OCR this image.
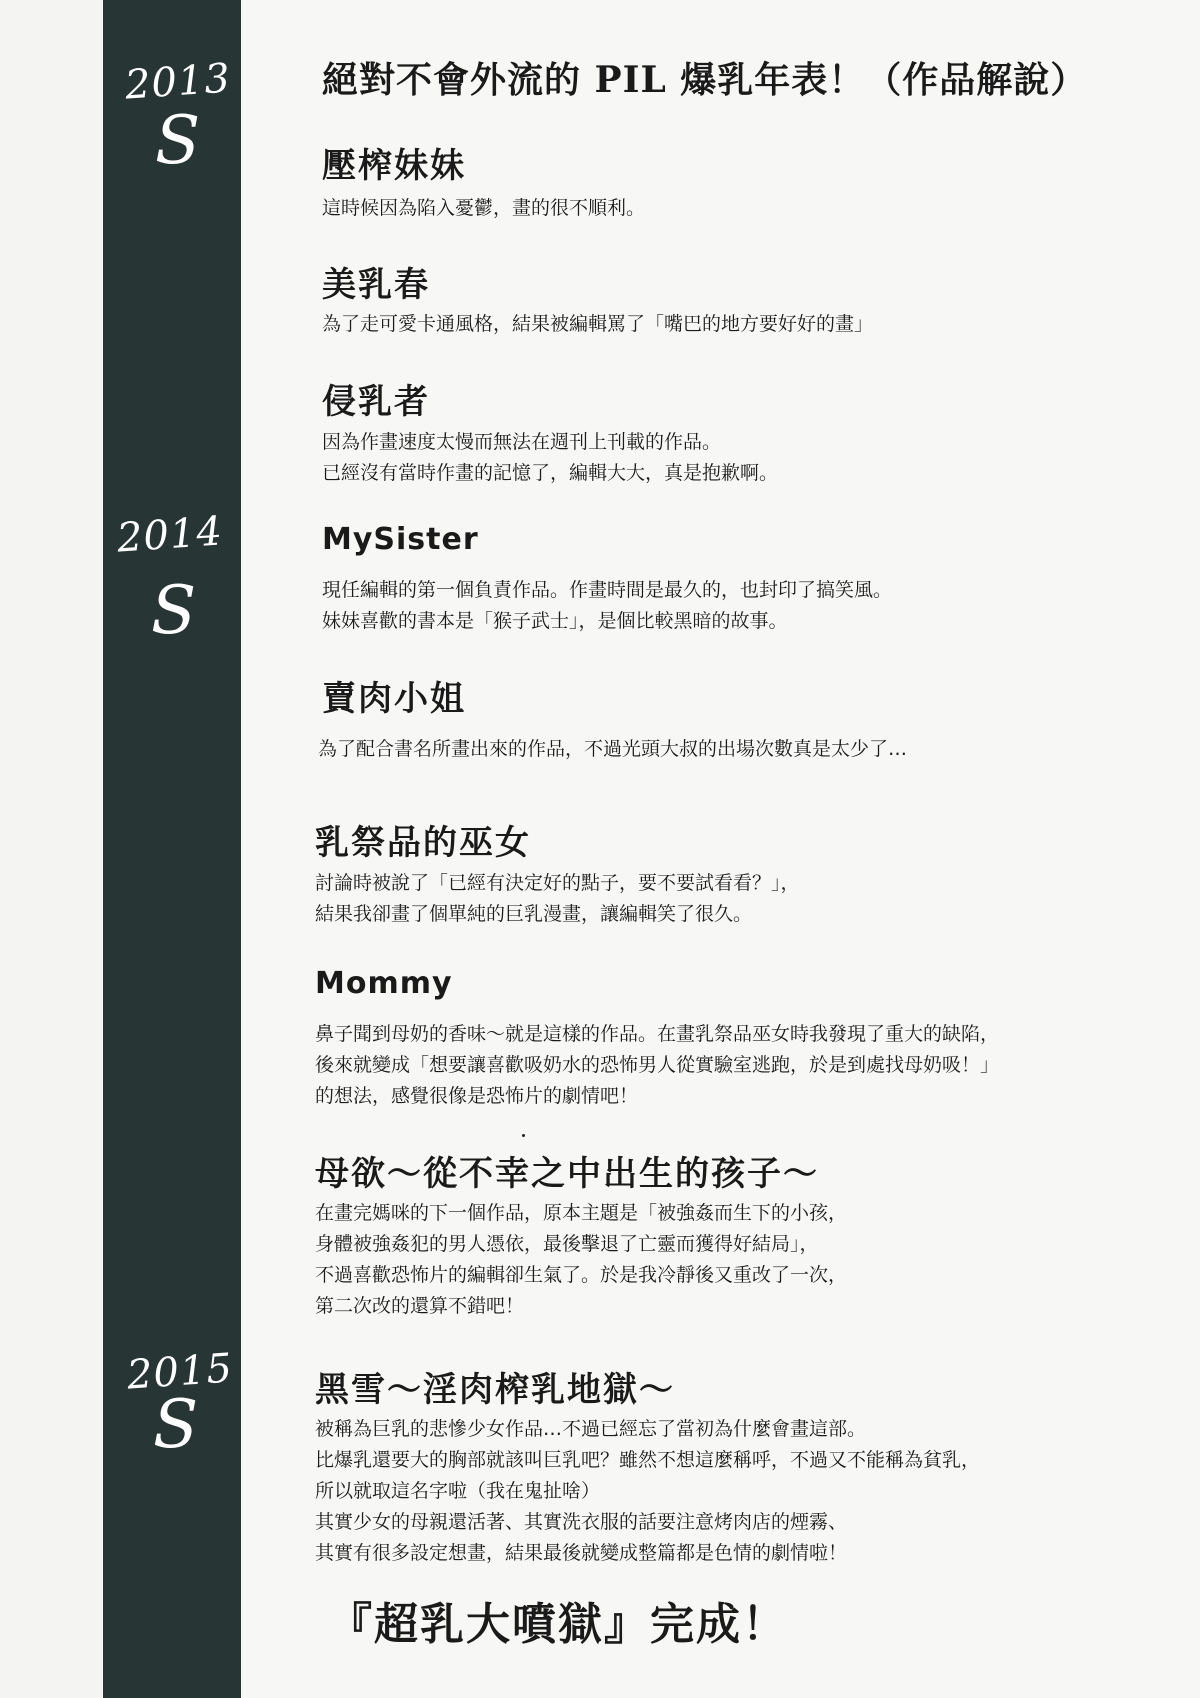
2013
S
2014
S
2015
S
絕對不會外流的 PIL 爆乳年表！（作品解說）
壓榨妹妹
這時候因為陷入憂鬱，畫的很不順利。
美乳春
為了走可愛卡通風格，結果被編輯罵了「嘴巴的地方要好好的畫」
侵乳者
因為作畫速度太慢而無法在週刊上刊載的作品。
已經沒有當時作畫的記憶了，編輯大大，真是抱歉啊。
MySister
現任編輯的第一個負責作品。作畫時間是最久的，也封印了搞笑風。
妹妹喜歡的書本是「猴子武士」，是個比較黑暗的故事。
賣肉小姐
為了配合書名所畫出來的作品，不過光頭大叔的出場次數真是太少了…
乳祭品的巫女
討論時被說了「已經有決定好的點子，要不要試看看？」，
結果我卻畫了個單純的巨乳漫畫，讓編輯笑了很久。
Mommy
鼻子聞到母奶的香味～就是這樣的作品。在畫乳祭品巫女時我發現了重大的缺陷，
後來就變成「想要讓喜歡吸奶水的恐怖男人從實驗室逃跑，於是到處找母奶吸！」
的想法，感覺很像是恐怖片的劇情吧！
母欲～從不幸之中出生的孩子～
在畫完媽咪的下一個作品，原本主題是「被強姦而生下的小孩，
身體被強姦犯的男人憑依，最後擊退了亡靈而獲得好結局」，
不過喜歡恐怖片的編輯卻生氣了。於是我冷靜後又重改了一次，
第二次改的還算不錯吧！
黑雪～淫肉榨乳地獄～
被稱為巨乳的悲慘少女作品…不過已經忘了當初為什麼會畫這部。
比爆乳還要大的胸部就該叫巨乳吧？雖然不想這麼稱呼，不過又不能稱為貧乳，
所以就取這名字啦（我在鬼扯啥）
其實少女的母親還活著、其實洗衣服的話要注意烤肉店的煙霧、
其實有很多設定想畫，結果最後就變成整篇都是色情的劇情啦！
『超乳大噴獄』完成！
